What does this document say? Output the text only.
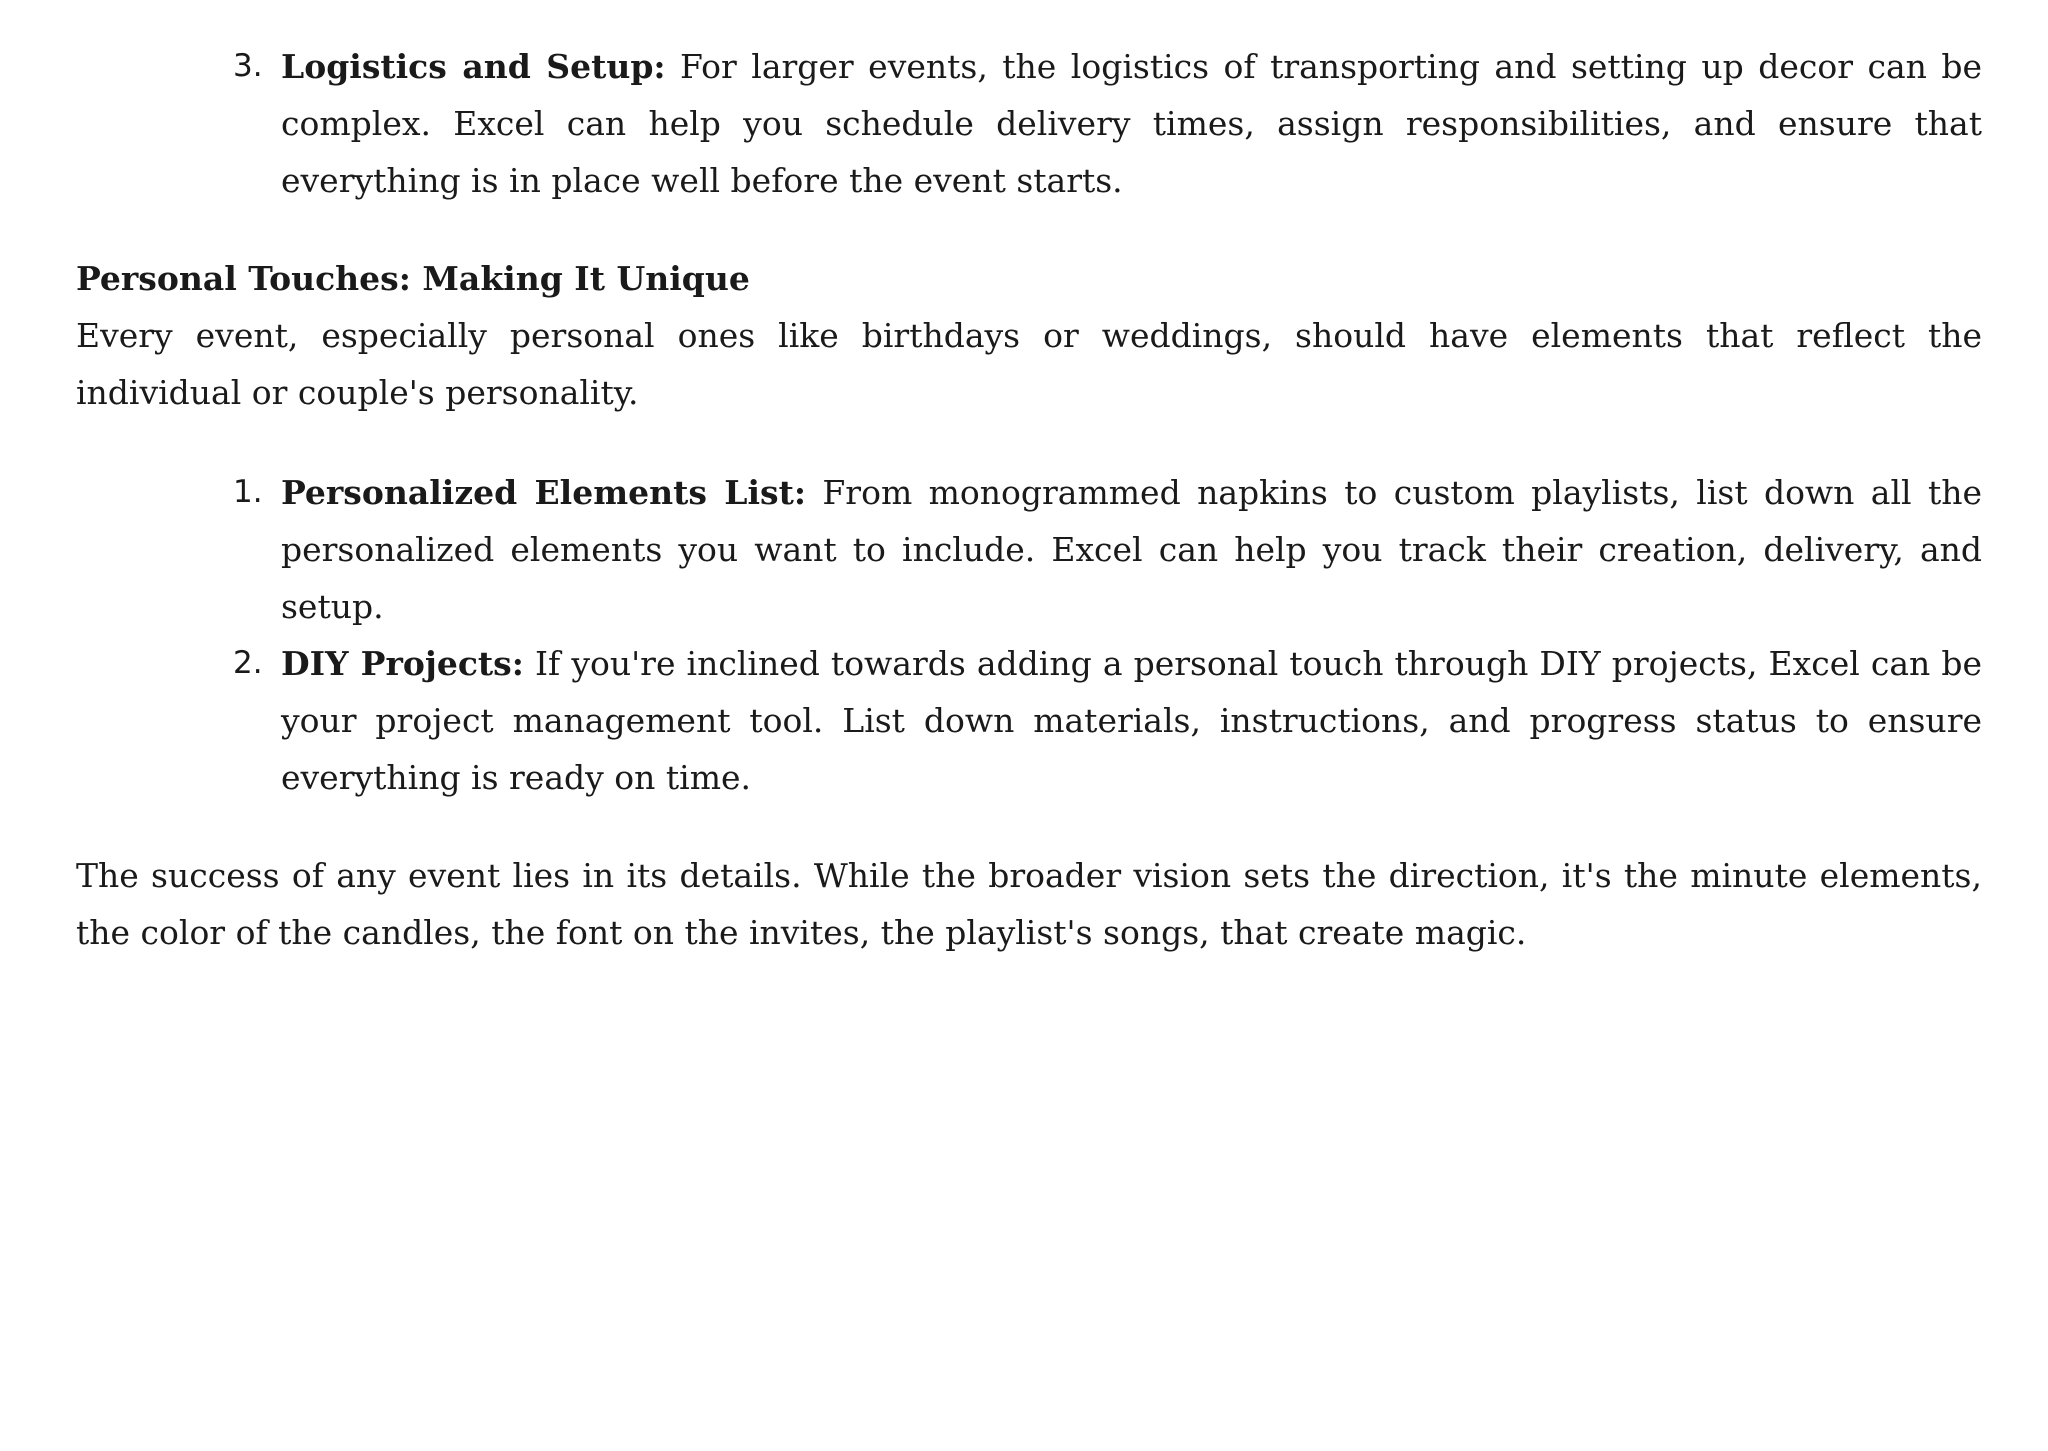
3. Logistics and Setup: For larger events, the logistics of transporting and setting up decor can be complex. Excel can help you schedule delivery times, assign responsibilities, and ensure that everything is in place well before the event starts.
Personal Touches: Making It Unique

Every event, especially personal ones like birthdays or weddings, should have elements that reflect the individual or couple's personality.

1. Personalized Elements List: From monogrammed napkins to custom playlists, list down all the personalized elements you want to include. Excel can help you track their creation, delivery, and setup.
2. DIY Projects: If you're inclined towards adding a personal touch through DIY projects, Excel can be your project management tool. List down materials, instructions, and progress status to ensure everything is ready on time.

The success of any event lies in its details. While the broader vision sets the direction, it's the minute elements, the color of the candles, the font on the invites, the playlist's songs, that create magic.
